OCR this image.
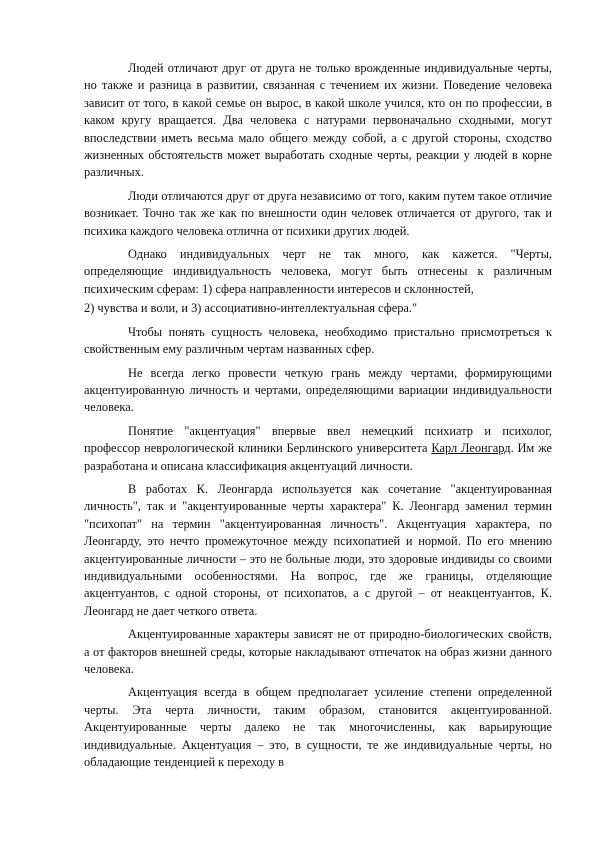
Людей отличают друг от друга не только врожденные индивидуальные черты, но также и разница в развитии, связанная с течением их жизни. Поведение человека зависит от того, в какой семье он вырос, в какой школе учился, кто он по профессии, в каком кругу вращается. Два человека с натурами первоначально сходными, могут впоследствии иметь весьма мало общего между собой, а с другой стороны, сходство жизненных обстоятельств может выработать сходные черты, реакции у людей в корне различных.

Люди отличаются друг от друга независимо от того, каким путем такое отличие возникает. Точно так же как по внешности один человек отличается от другого, так и психика каждого человека отлична от психики других людей.

Однако индивидуальных черт не так много, как кажется. "Черты, определяющие индивидуальность человека, могут быть отнесены к различным психическим сферам: 1) сфера направленности интересов и склонностей,

2) чувства и воли, и 3) ассоциативно-интеллектуальная сфера."

Чтобы понять сущность человека, необходимо пристально присмотреться к свойственным ему различным чертам названных сфер.

Не всегда легко провести четкую грань между чертами, формирующими акцентуированную личность и чертами, определяющими вариации индивидуальности человека.

Понятие "акцентуация" впервые ввел немецкий психиатр и психолог, профессор неврологической клиники Берлинского университета Карл Леонгард. Им же разработана и описана классификация акцентуаций личности.

В работах К. Леонгарда используется как сочетание "акцентуированная личность", так и "акцентуированные черты характера" К. Леонгард заменил термин "психопат" на термин "акцентуированная личность". Акцентуация характера, по Леонгарду, это нечто промежуточное между психопатией и нормой. По его мнению акцентуированные личности – это не больные люди, это здоровые индивиды со своими индивидуальными особенностями. На вопрос, где же границы, отделяющие акцентуантов, с одной стороны, от психопатов, а с другой – от неакцентуантов, К. Леонгард не дает четкого ответа.

Акцентуированные характеры зависят не от природно-биологических свойств, а от факторов внешней среды, которые накладывают отпечаток на образ жизни данного человека.

Акцентуация всегда в общем предполагает усиление степени определенной черты. Эта черта личности, таким образом, становится акцентуированной. Акцентуированные черты далеко не так многочисленны, как варьирующие индивидуальные. Акцентуация – это, в сущности, те же индивидуальные черты, но обладающие тенденцией к переходу в
